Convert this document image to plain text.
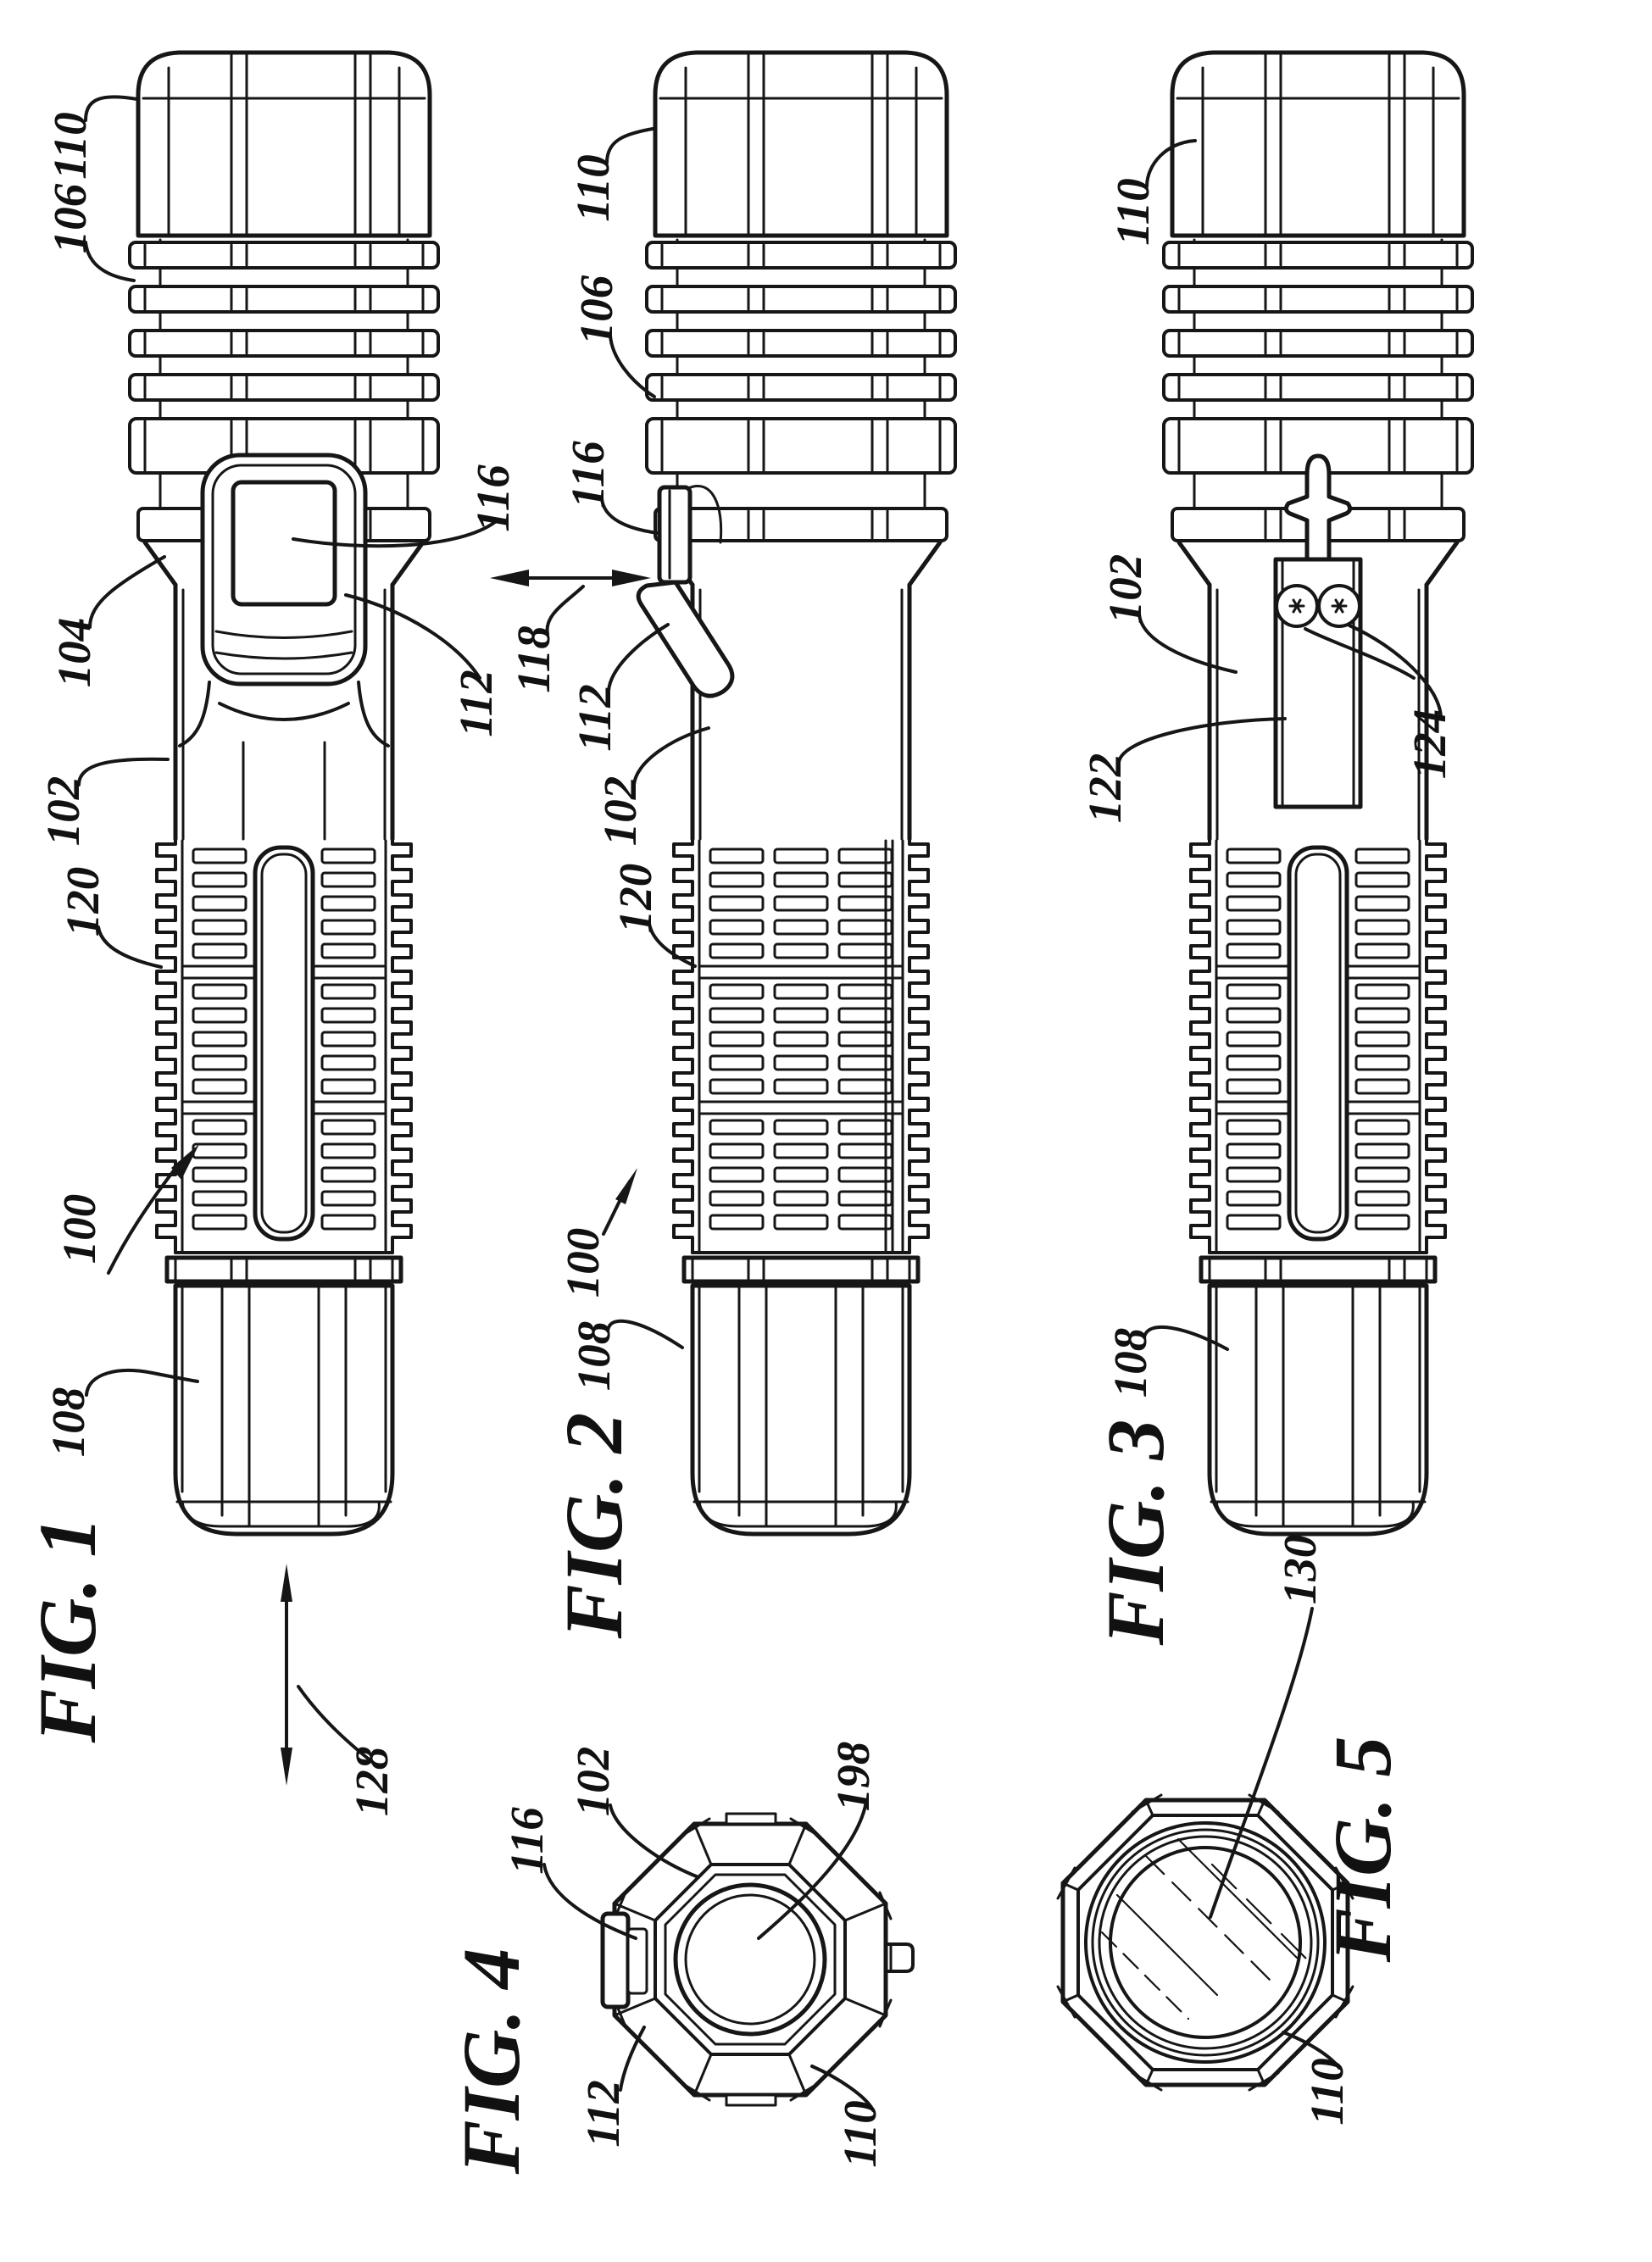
110
106
104
102
120
100
108
116
112
128
FIG. 1
110
106
116
118
112
102
120
100
108
FIG. 2
110
102
122
124
108
FIG. 3
116
102	198
112	110
FIG. 4
130
110
FIG. 5
